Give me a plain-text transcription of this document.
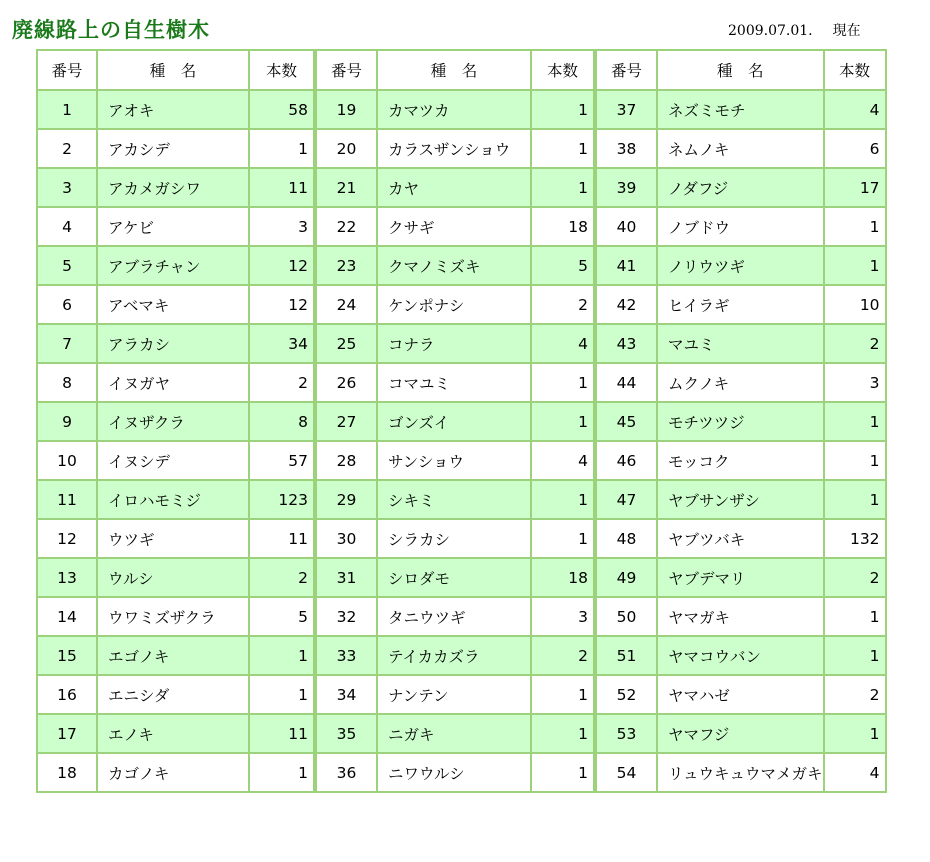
廃線路上の自生樹木	2009.07.01. 現在
番号	種　名	本数	番号	種　名	本数	番号	種　名	本数
1	アオキ	58	19	カマツカ	1	37	ネズミモチ	4
2	アカシデ	1	20	カラスザンショウ	1	38	ネムノキ	6
3	アカメガシワ	11	21	カヤ	1	39	ノダフジ	17
4	アケビ	3	22	クサギ	18	40	ノブドウ	1
5	アブラチャン	12	23	クマノミズキ	5	41	ノリウツギ	1
6	アベマキ	12	24	ケンポナシ	2	42	ヒイラギ	10
7	アラカシ	34	25	コナラ	4	43	マユミ	2
8	イヌガヤ	2	26	コマユミ	1	44	ムクノキ	3
9	イヌザクラ	8	27	ゴンズイ	1	45	モチツツジ	1
10	イヌシデ	57	28	サンショウ	4	46	モッコク	1
11	イロハモミジ	123	29	シキミ	1	47	ヤブサンザシ	1
12	ウツギ	11	30	シラカシ	1	48	ヤブツバキ	132
13	ウルシ	2	31	シロダモ	18	49	ヤブデマリ	2
14	ウワミズザクラ	5	32	タニウツギ	3	50	ヤマガキ	1
15	エゴノキ	1	33	テイカカズラ	2	51	ヤマコウバン	1
16	エニシダ	1	34	ナンテン	1	52	ヤマハゼ	2
17	エノキ	11	35	ニガキ	1	53	ヤマフジ	1
18	カゴノキ	1	36	ニワウルシ	1	54	リュウキュウマメガキ	4
